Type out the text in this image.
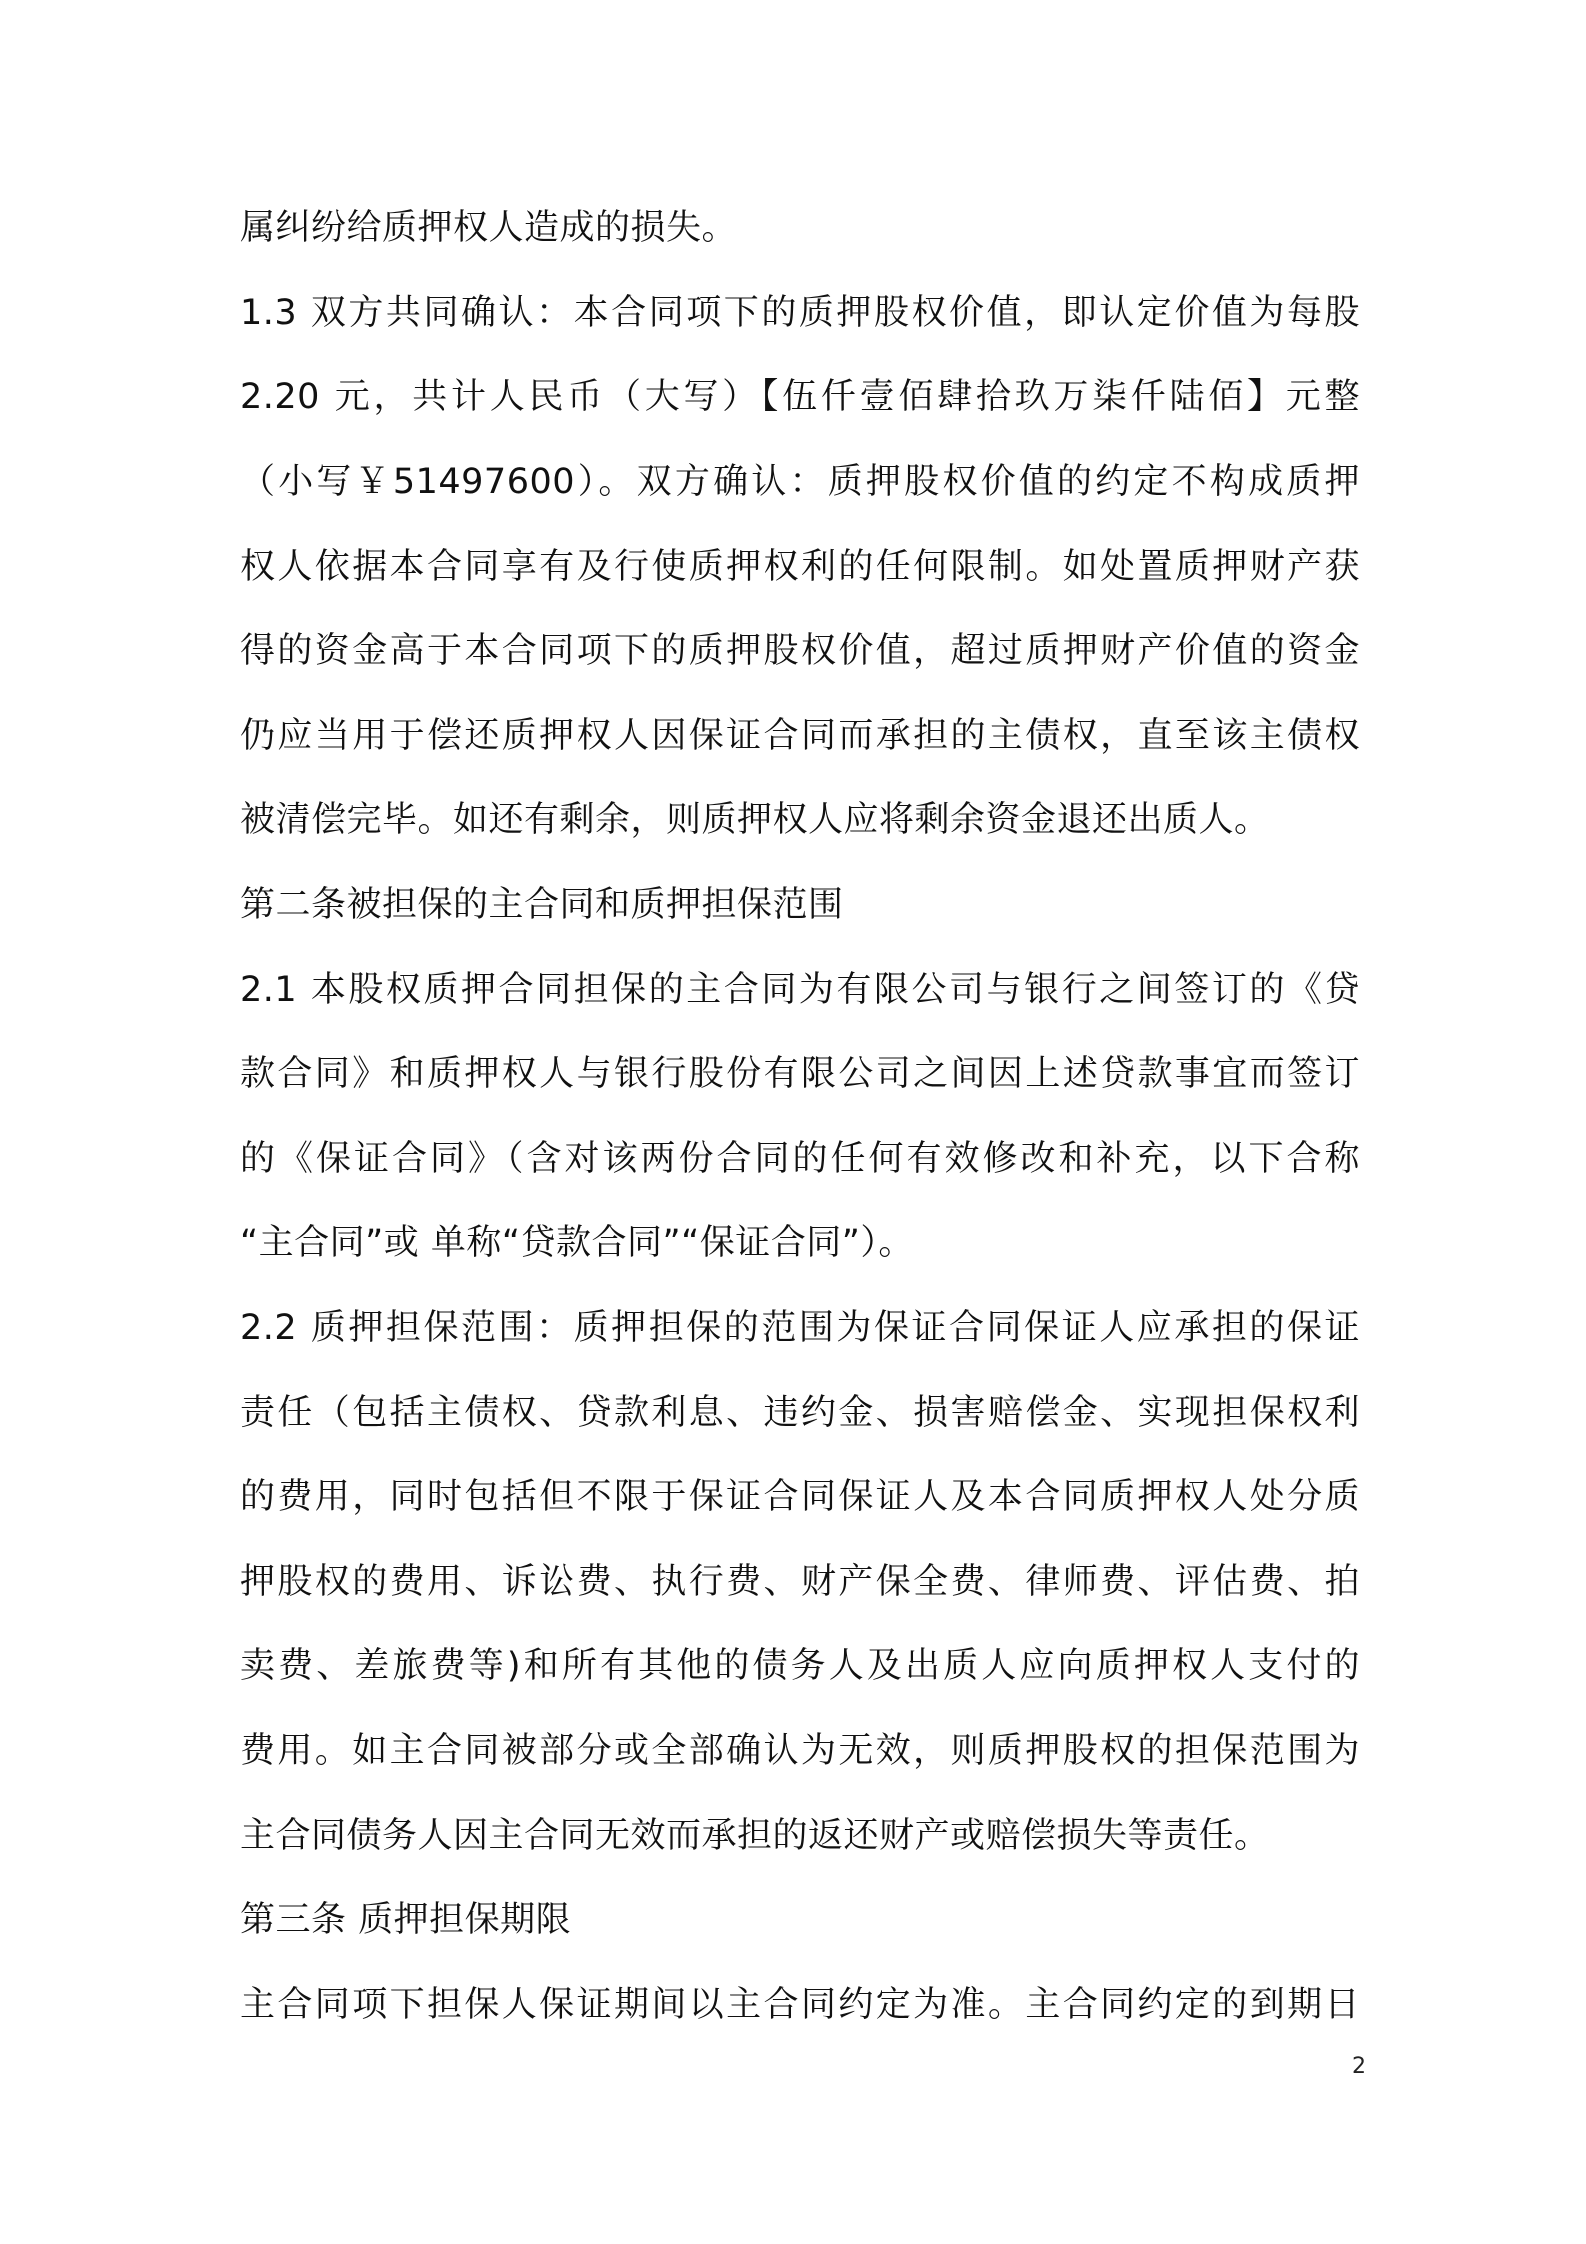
属纠纷给质押权人造成的损失。
1.3 双方共同确认：本合同项下的质押股权价值，即认定价值为每股
2.20 元，共计人民币（大写）【伍仟壹佰肆拾玖万柒仟陆佰】元整
（小写￥51497600）。双方确认：质押股权价值的约定不构成质押
权人依据本合同享有及行使质押权利的任何限制。如处置质押财产获
得的资金高于本合同项下的质押股权价值，超过质押财产价值的资金
仍应当用于偿还质押权人因保证合同而承担的主债权，直至该主债权
被清偿完毕。如还有剩余，则质押权人应将剩余资金退还出质人。
第二条被担保的主合同和质押担保范围
2.1 本股权质押合同担保的主合同为有限公司与银行之间签订的《贷
款合同》和质押权人与银行股份有限公司之间因上述贷款事宜而签订
的《保证合同》（含对该两份合同的任何有效修改和补充，以下合称
“主合同”或 单称“贷款合同”“保证合同”）。
2.2 质押担保范围：质押担保的范围为保证合同保证人应承担的保证
责任（包括主债权、贷款利息、违约金、损害赔偿金、实现担保权利
的费用，同时包括但不限于保证合同保证人及本合同质押权人处分质
押股权的费用、诉讼费、执行费、财产保全费、律师费、评估费、拍
卖费、差旅费等)和所有其他的债务人及出质人应向质押权人支付的
费用。如主合同被部分或全部确认为无效，则质押股权的担保范围为
主合同债务人因主合同无效而承担的返还财产或赔偿损失等责任。
第三条 质押担保期限
主合同项下担保人保证期间以主合同约定为准。主合同约定的到期日
2
